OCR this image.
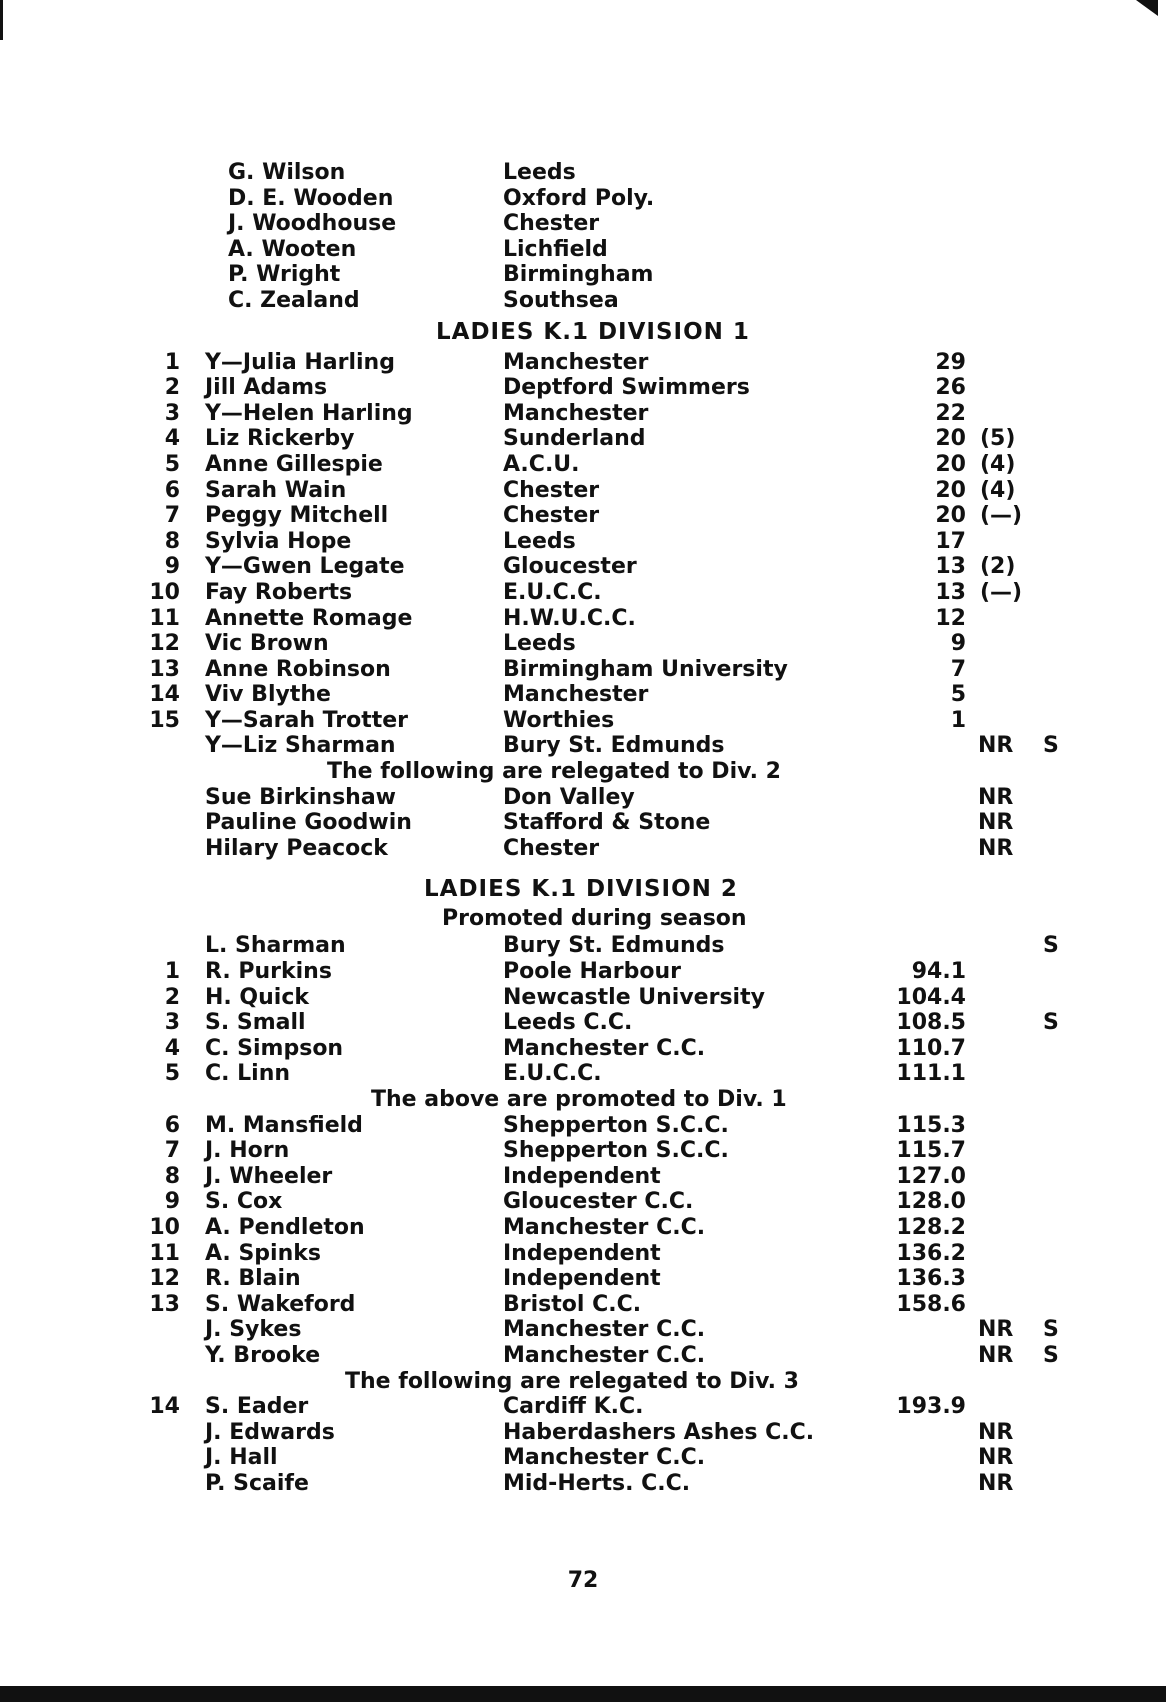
G. Wilson	Leeds
D. E. Wooden	Oxford Poly.
J. Woodhouse	Chester
A. Wooten	Lichfield
P. Wright	Birmingham
C. Zealand	Southsea
LADIES K.1 DIVISION 1
1 Y—Julia Harling	Manchester	29
2 Jill Adams	Deptford Swimmers	26
3 Y—Helen Harling	Manchester	22
4 Liz Rickerby	Sunderland	20 (5)
5 Anne Gillespie	A.C.U.	20 (4)
6 Sarah Wain	Chester	20 (4)
7 Peggy Mitchell	Chester	20 (—)
8 Sylvia Hope	Leeds	17
9 Y—Gwen Legate	Gloucester	13 (2)
10 Fay Roberts	E.U.C.C.	13 (—)
11 Annette Romage	H.W.U.C.C.	12
12 Vic Brown	Leeds	9
13 Anne Robinson	Birmingham University	7
14 Viv Blythe	Manchester	5
15 Y—Sarah Trotter	Worthies	1
Y—Liz Sharman	Bury St. Edmunds	NR S
The following are relegated to Div. 2
Sue Birkinshaw	Don Valley	NR
Pauline Goodwin	Stafford & Stone	NR
Hilary Peacock	Chester	NR
LADIES K.1 DIVISION 2
Promoted during season
L. Sharman	Bury St. Edmunds	S
1 R. Purkins	Poole Harbour	94.1
2 H. Quick	Newcastle University	104.4
3 S. Small	Leeds C.C.	108.5	S
4 C. Simpson	Manchester C.C.	110.7
5 C. Linn	E.U.C.C.	111.1
The above are promoted to Div. 1
6 M. Mansfield	Shepperton S.C.C.	115.3
7 J. Horn	Shepperton S.C.C.	115.7
8 J. Wheeler	Independent	127.0
9 S. Cox	Gloucester C.C.	128.0
10 A. Pendleton	Manchester C.C.	128.2
11 A. Spinks	Independent	136.2
12 R. Blain	Independent	136.3
13 S. Wakeford	Bristol C.C.	158.6
J. Sykes	Manchester C.C.	NR S
Y. Brooke	Manchester C.C.	NR S
The following are relegated to Div. 3
14 S. Eader	Cardiff K.C.	193.9
J. Edwards	Haberdashers Ashes C.C.	NR
J. Hall	Manchester C.C.	NR
P. Scaife	Mid-Herts. C.C.	NR
72
